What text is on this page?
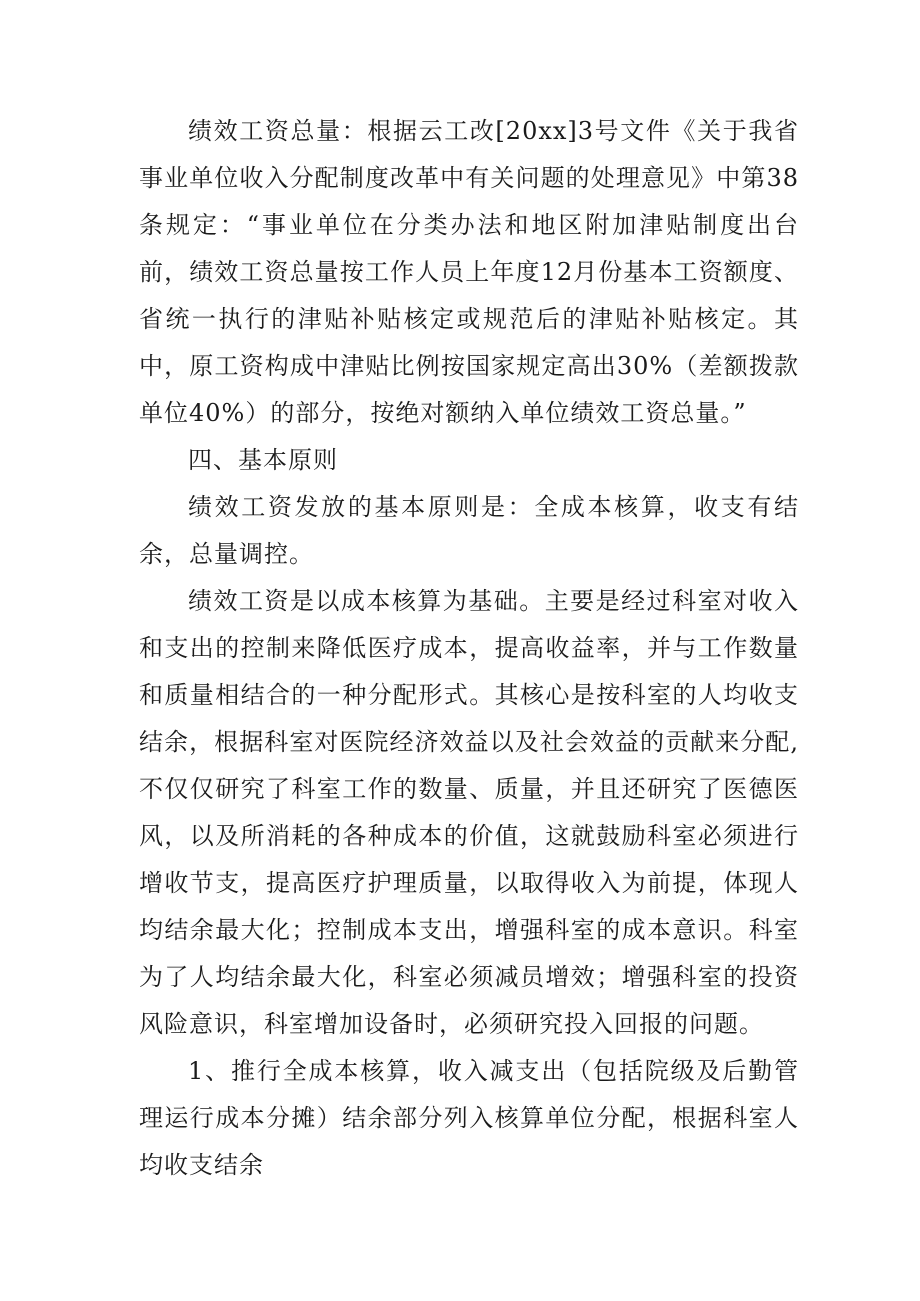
绩效工资总量：根据云工改[20xx]3号文件《关于我省事业单位收入分配制度改革中有关问题的处理意见》中第38条规定：“事业单位在分类办法和地区附加津贴制度出台前，绩效工资总量按工作人员上年度12月份基本工资额度、省统一执行的津贴补贴核定或规范后的津贴补贴核定。其中，原工资构成中津贴比例按国家规定高出30%（差额拨款单位40%）的部分，按绝对额纳入单位绩效工资总量。”

四、基本原则

绩效工资发放的基本原则是：全成本核算，收支有结余，总量调控。

绩效工资是以成本核算为基础。主要是经过科室对收入和支出的控制来降低医疗成本，提高收益率，并与工作数量和质量相结合的一种分配形式。其核心是按科室的人均收支结余，根据科室对医院经济效益以及社会效益的贡献来分配,不仅仅研究了科室工作的数量、质量，并且还研究了医德医风，以及所消耗的各种成本的价值，这就鼓励科室必须进行增收节支，提高医疗护理质量，以取得收入为前提，体现人均结余最大化；控制成本支出，增强科室的成本意识。科室为了人均结余最大化，科室必须减员增效；增强科室的投资风险意识，科室增加设备时，必须研究投入回报的问题。

1、推行全成本核算，收入减支出（包括院级及后勤管理运行成本分摊）结余部分列入核算单位分配，根据科室人均收支结余
